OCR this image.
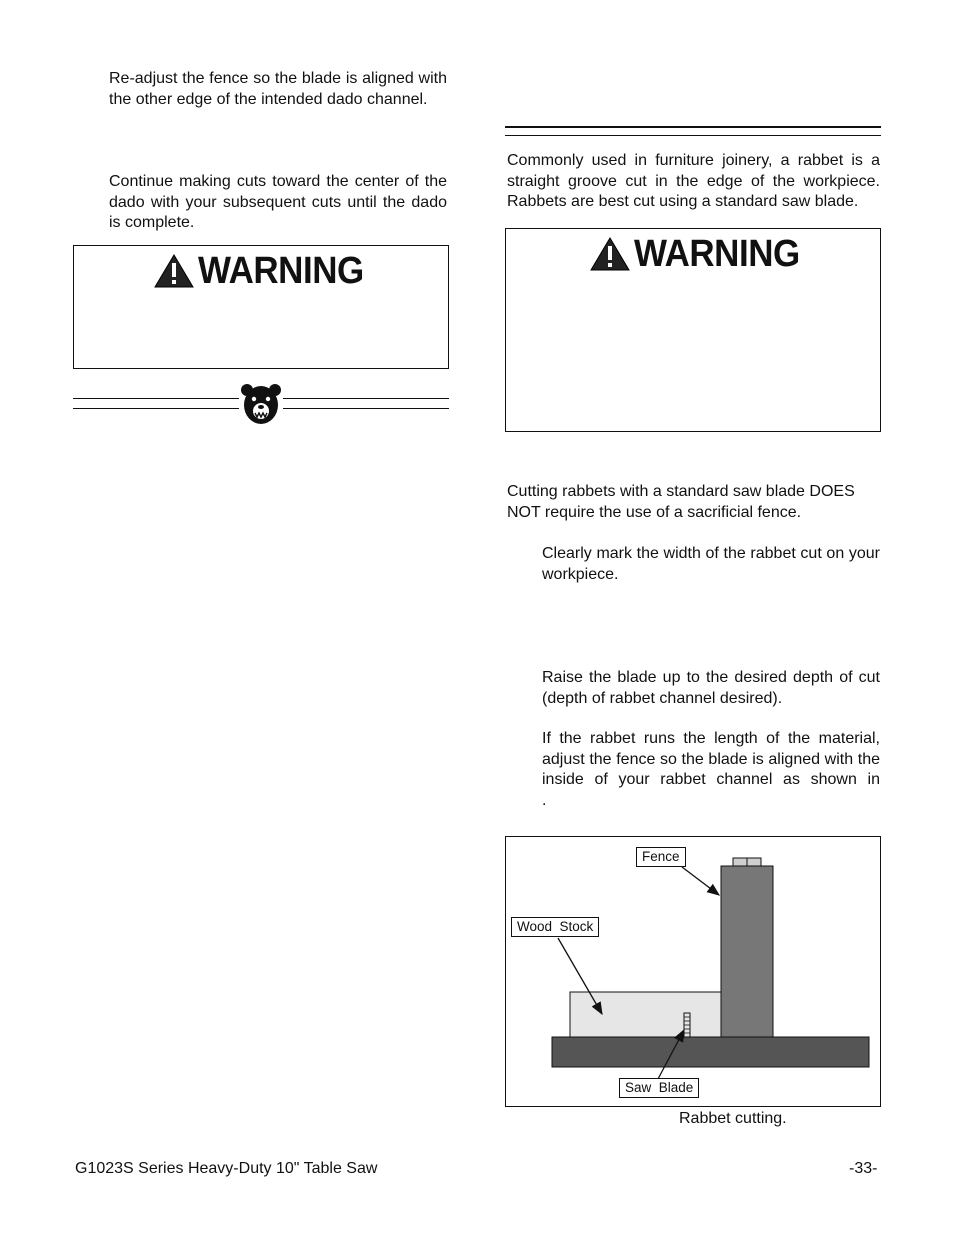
Re-adjust the fence so the blade is aligned with the other edge of the intended dado channel.

Continue making cuts toward the center of the dado with your subsequent cuts until the dado is complete.

WARNING

Commonly used in furniture joinery, a rabbet is a straight groove cut in the edge of the workpiece. Rabbets are best cut using a standard saw blade.

WARNING

Cutting rabbets with a standard saw blade DOES NOT require the use of a sacrificial fence.

Clearly mark the width of the rabbet cut on your workpiece.

Raise the blade up to the desired depth of cut (depth of rabbet channel desired).

If the rabbet runs the length of the material, adjust the fence so the blade is aligned with the inside of your rabbet channel as shown in           .

Fence
Wood  Stock
Saw  Blade
Rabbet cutting.
G1023S Series Heavy-Duty 10" Table Saw	-33-
